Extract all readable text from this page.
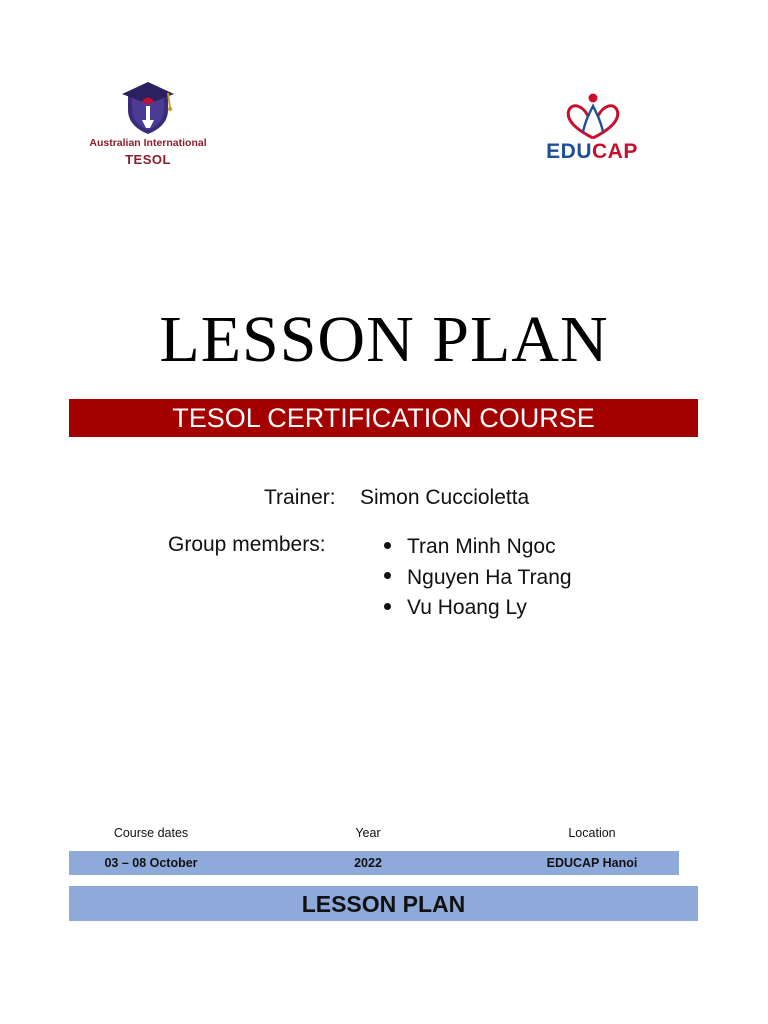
Australian International
TESOL	EDUCAP
LESSON PLAN
TESOL CERTIFICATION COURSE
Trainer: Simon Cuccioletta
Group members:	Tran Minh Ngoc
Nguyen Ha Trang
Vu Hoang Ly
Course dates	Year	Location
03 – 08 October	2022	EDUCAP Hanoi
LESSON PLAN
